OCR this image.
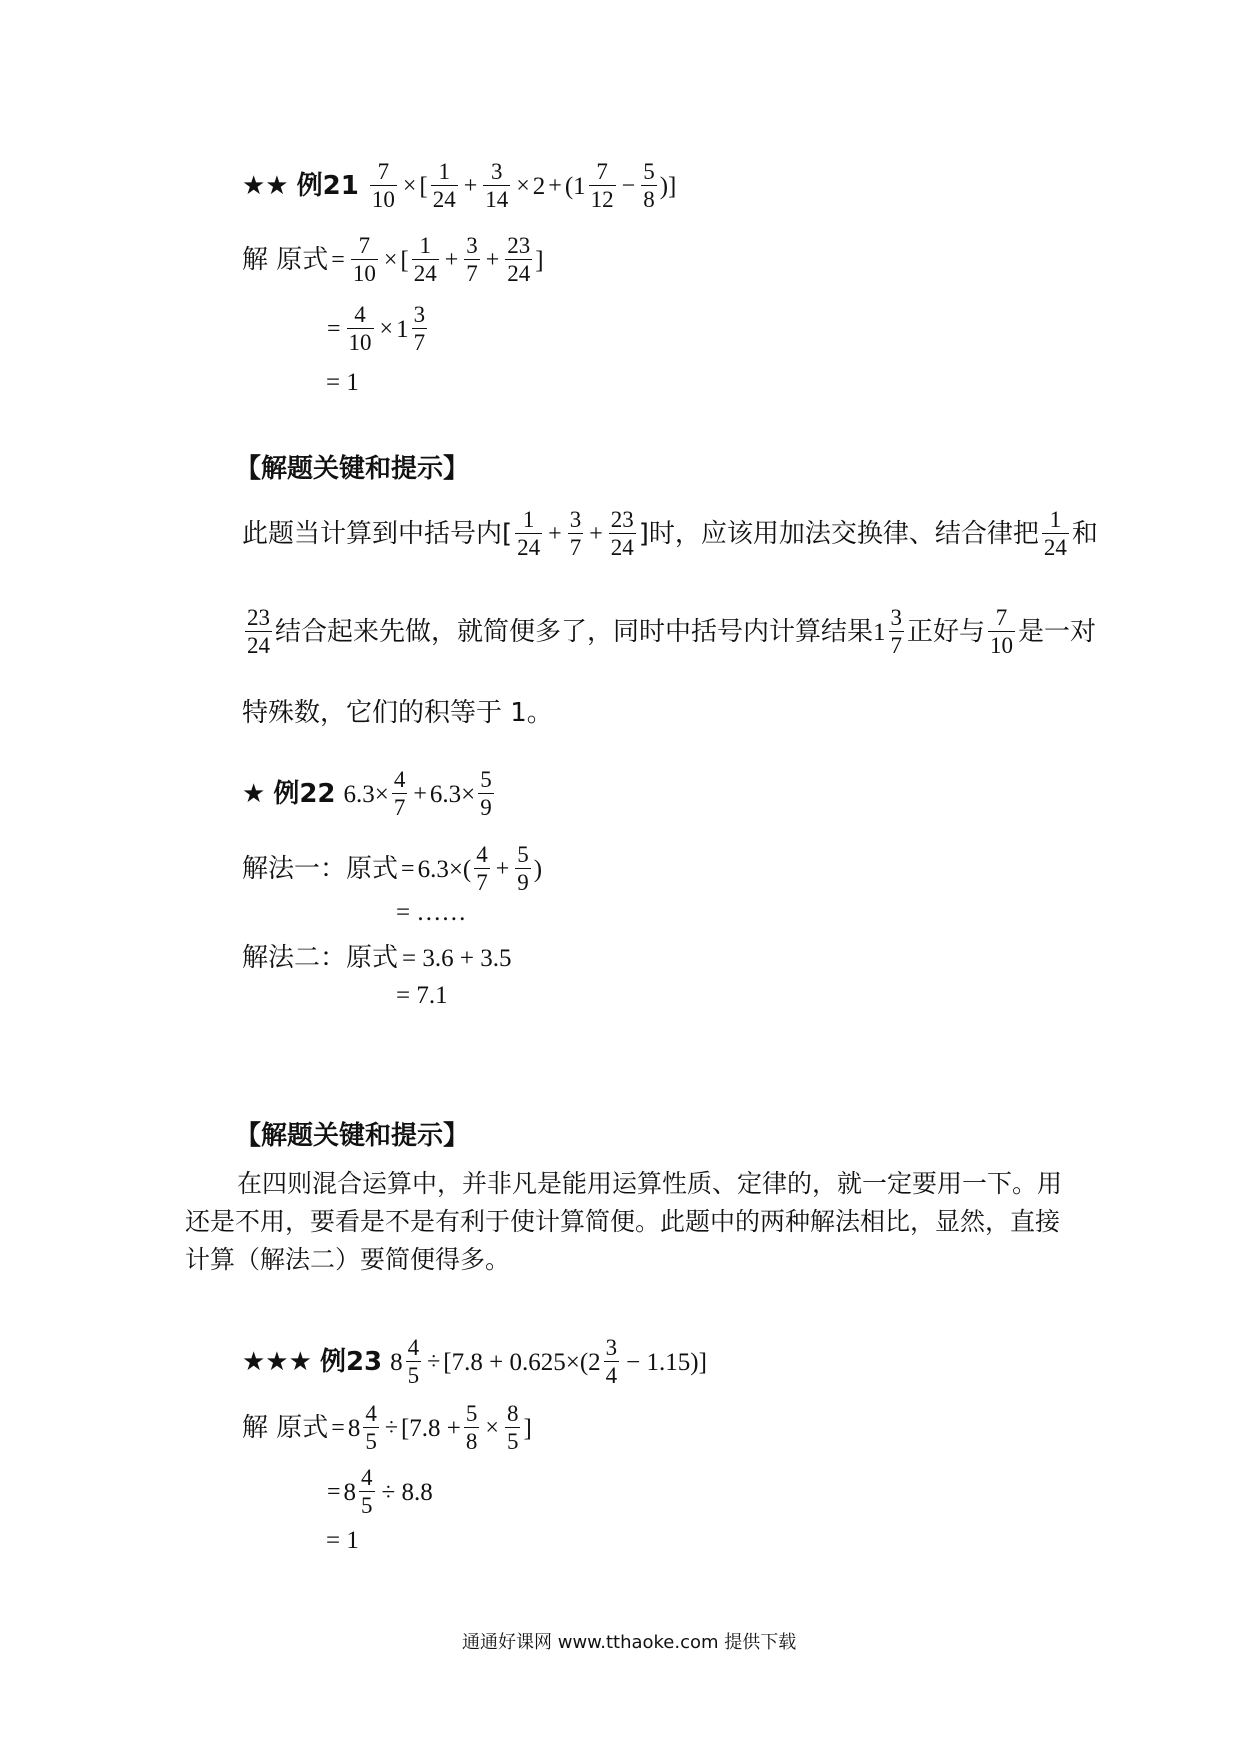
★★ 例$21 \frac{7}{10}$ × [ $\frac{1}{24} + \frac{3}{14} \times 2$ + ( $1 \frac{7}{12} - \frac{5}{8}$ )]
解 原式 = $\frac{7}{10}$ × [ $\frac{1}{24} + \frac{3}{7} + \frac{23}{24}$ ]
= $\frac{4}{10} \times 1 \frac{3}{7}$
= 1
【解题关键和提示】
此题当计算到中括号内[ $\frac{1}{24} + \frac{3}{7} + \frac{23}{24}$ ]时，应该用加法交换律、结合律把 $\frac{1}{24}$ 和
$\frac{23}{24}$ 结合起来先做，就简便多了，同时中括号内计算结果 $1 \frac{3}{7}$ 正好与 $\frac{7}{10}$ 是一对
特殊数，它们的积等于 1。
★ 例22 $6.3\times \frac{4}{7} + 6.3\times \frac{5}{9}$
解法一：原式 = $6.3\times( \frac{4}{7} + \frac{5}{9}$ )
= ……
解法二：原式 = 3.6 + 3.5
= 7.1
【解题关键和提示】
在四则混合运算中，并非凡是能用运算性质、定律的，就一定要用一下。用还是不用，要看是不是有利于使计算简便。此题中的两种解法相比，显然，直接计算（解法二）要简便得多。
★★★ 例23 $8 \frac{4}{5} \div [7.8 + 0.625\times$( $2 \frac{3}{4} - 1.15$)]
解 原式 = $8 \frac{4}{5} \div [7.8 + \frac{5}{8} \times \frac{8}{5}$ ]
= $8 \frac{4}{5} \div 8.8$
= 1
通通好课网 www.tthaoke.com 提供下载
